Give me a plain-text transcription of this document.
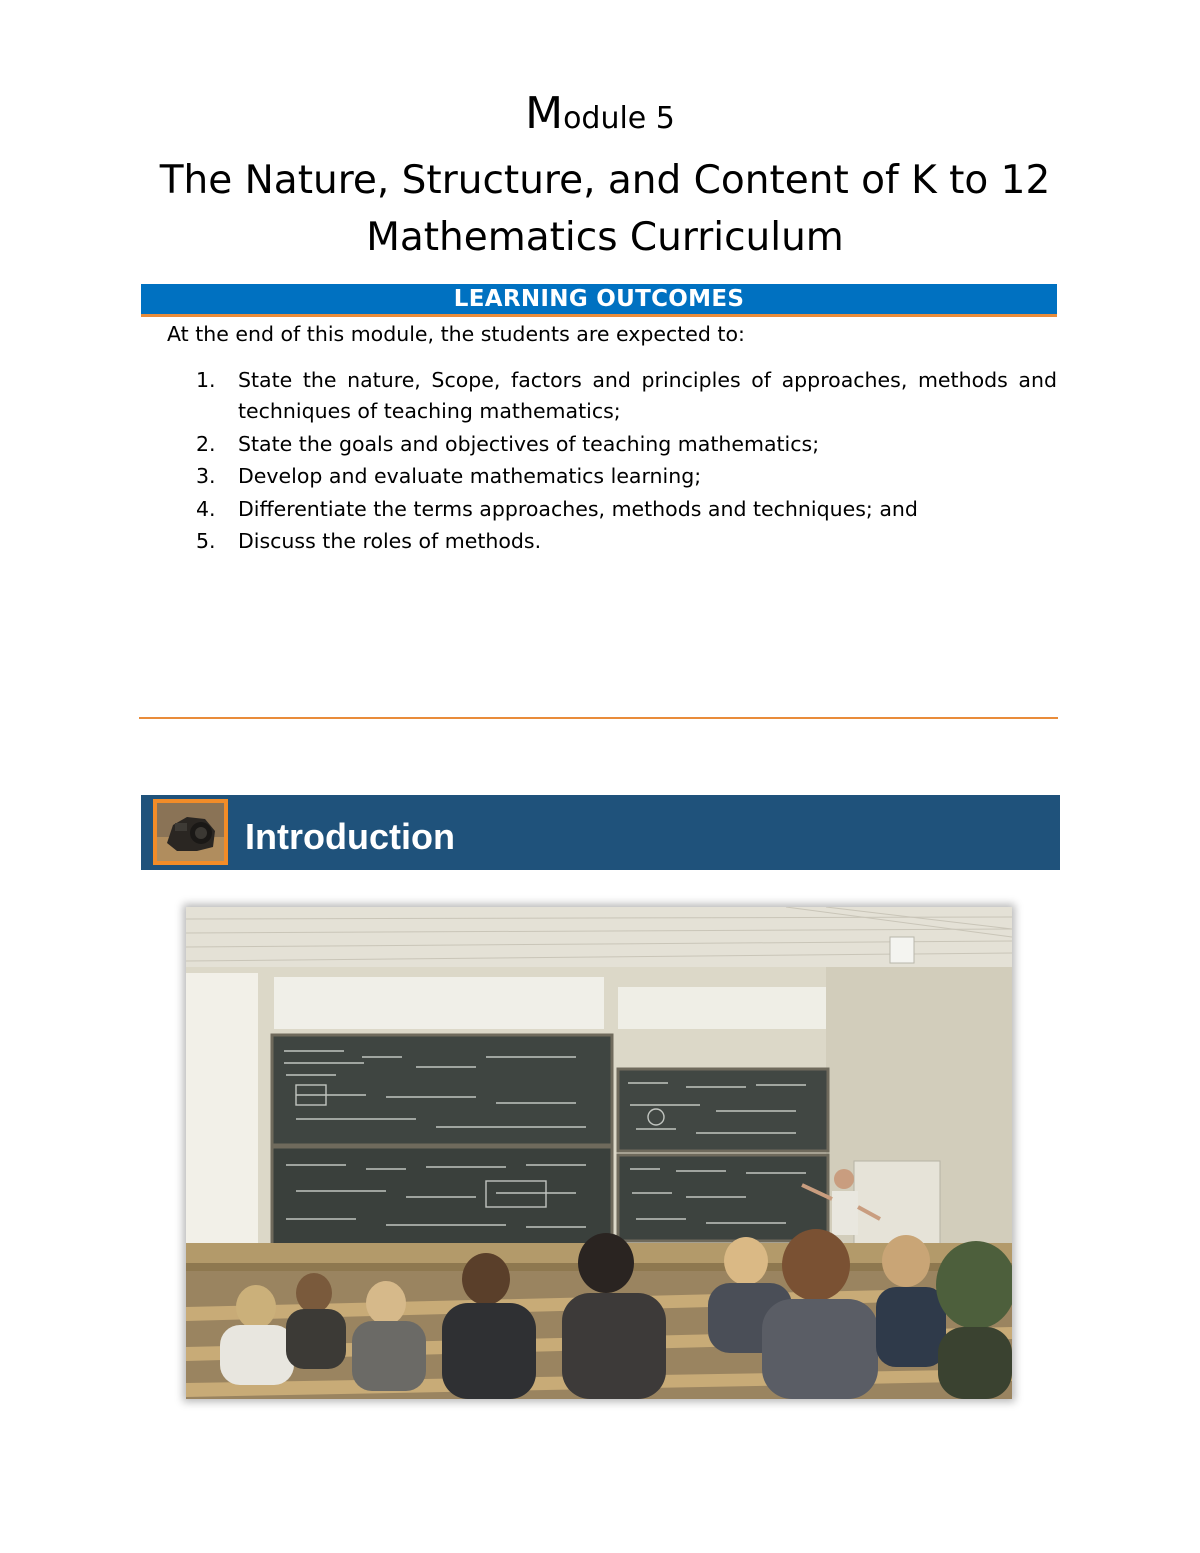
Module 5
The Nature, Structure, and Content of K to 12 Mathematics Curriculum
LEARNING OUTCOMES

At the end of this module, the students are expected to:

1.	State the nature, Scope, factors and principles of approaches, methods and techniques of teaching mathematics;
2.	State the goals and objectives of teaching mathematics;
3.	Develop and evaluate mathematics learning;
4.	Differentiate the terms approaches, methods and techniques; and
5.	Discuss the roles of methods.
Introduction
